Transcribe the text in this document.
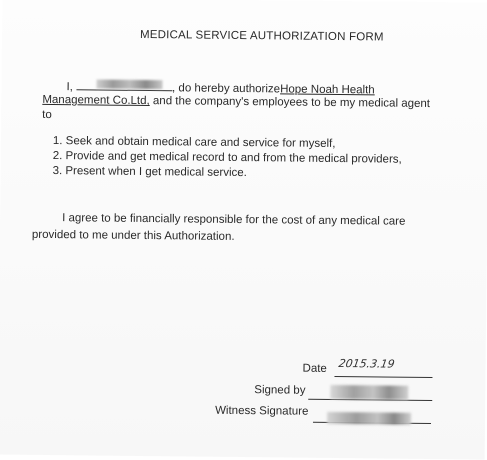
MEDICAL SERVICE AUTHORIZATION FORM
I,	, do hereby authorizeHope Noah Health
Management Co.Ltd, and the company's employees to be my medical agent
to
1. Seek and obtain medical care and service for myself,
2. Provide and get medical record to and from the medical providers,
3. Present when I get medical service.
I agree to be financially responsible for the cost of any medical care
provided to me under this Authorization.
Date 2015.3.19
Signed by
Witness Signature
